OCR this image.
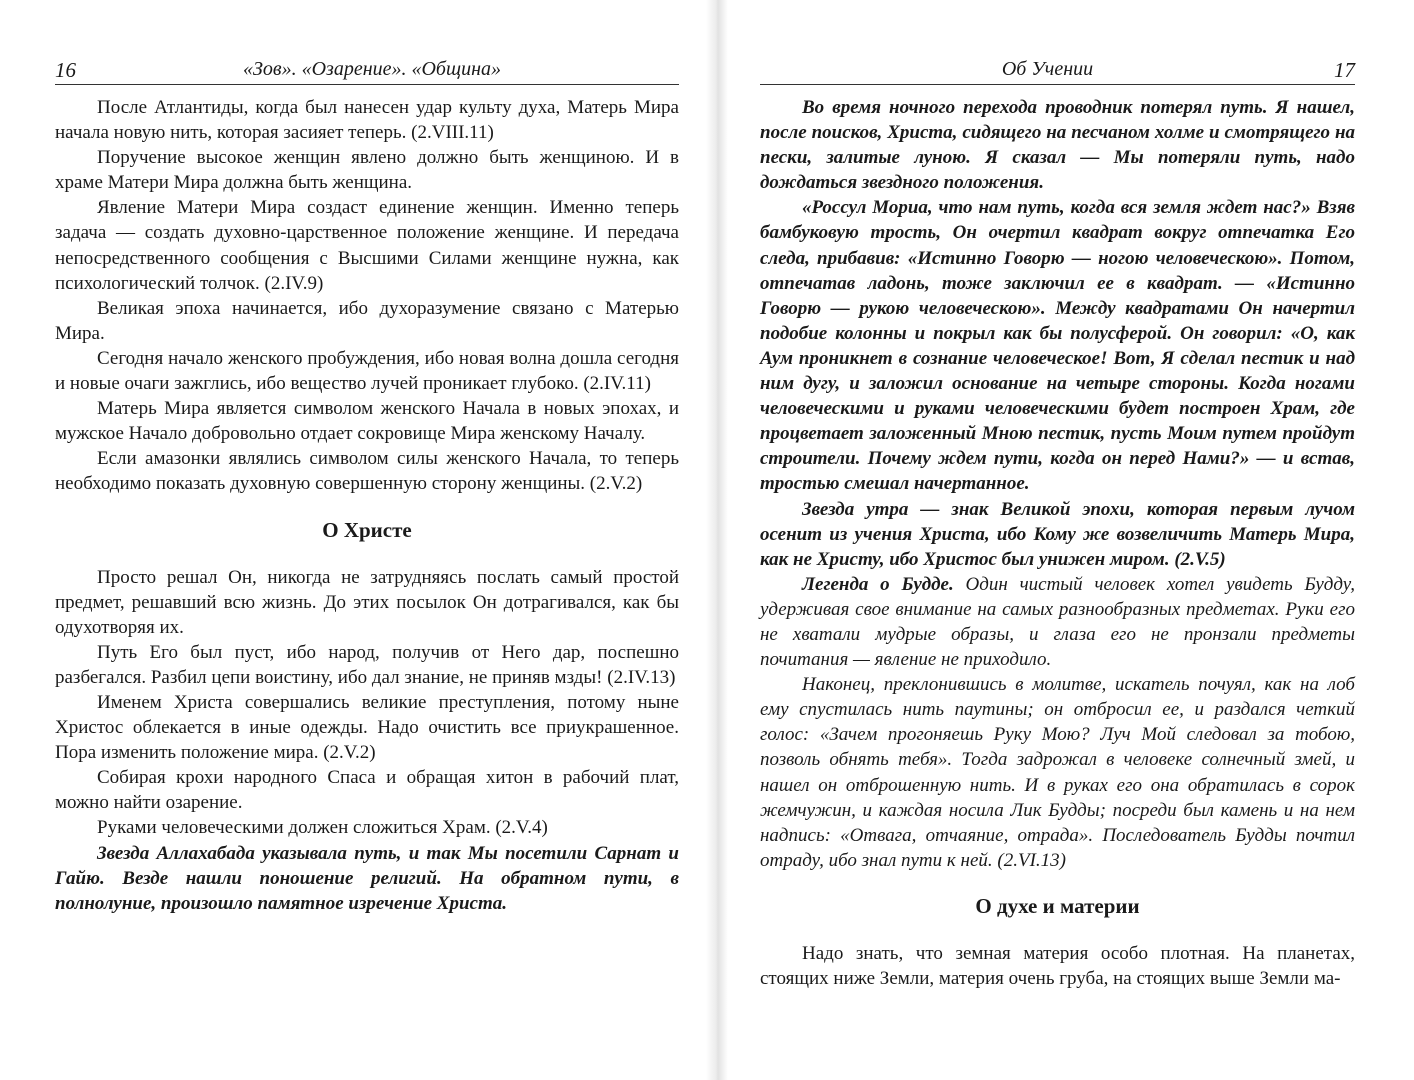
16	«Зов». «Озарение». «Община»

После Атлантиды, когда был нанесен удар культу духа, Матерь Мира начала новую нить, которая засияет теперь. (2.VIII.11)

Поручение высокое женщин явлено должно быть женщиною. И в храме Матери Мира должна быть женщина.

Явление Матери Мира создаст единение женщин. Именно теперь задача — создать духовно-царственное положение женщине. И передача непосредственного сообщения с Высшими Силами женщине нужна, как психологический толчок. (2.IV.9)

Великая эпоха начинается, ибо духоразумение связано с Матерью Мира.

Сегодня начало женского пробуждения, ибо новая волна дошла сегодня и новые очаги зажглись, ибо вещество лучей проникает глубоко. (2.IV.11)

Матерь Мира является символом женского Начала в новых эпохах, и мужское Начало добровольно отдает сокровище Мира женскому Началу.

Если амазонки являлись символом силы женского Начала, то теперь необходимо показать духовную совершенную сторону женщины. (2.V.2)

О Христе

Просто решал Он, никогда не затрудняясь послать самый простой предмет, решавший всю жизнь. До этих посылок Он дотрагивался, как бы одухотворяя их.

Путь Его был пуст, ибо народ, получив от Него дар, поспешно разбегался. Разбил цепи воистину, ибо дал знание, не приняв мзды! (2.IV.13)

Именем Христа совершались великие преступления, потому ныне Христос облекается в иные одежды. Надо очистить все приукрашенное. Пора изменить положение мира. (2.V.2)

Собирая крохи народного Спаса и обращая хитон в рабочий плат, можно найти озарение.

Руками человеческими должен сложиться Храм. (2.V.4)

Звезда Аллахабада указывала путь, и так Мы посетили Сарнат и Гайю. Везде нашли поношение религий. На обратном пути, в полнолуние, произошло памятное изречение Христа.

Об Учении	17

Во время ночного перехода проводник потерял путь. Я нашел, после поисков, Христа, сидящего на песчаном холме и смотрящего на пески, залитые луною. Я сказал — Мы потеряли путь, надо дождаться звездного положения.

«Россул Мориа, что нам путь, когда вся земля ждет нас?» Взяв бамбуковую трость, Он очертил квадрат вокруг отпечатка Его следа, прибавив: «Истинно Говорю — ногою человеческою». Потом, отпечатав ладонь, тоже заключил ее в квадрат. — «Истинно Говорю — рукою человеческою». Между квадратами Он начертил подобие колонны и покрыл как бы полусферой. Он говорил: «О, как Аум проникнет в сознание человеческое! Вот, Я сделал пестик и над ним дугу, и заложил основание на четыре стороны. Когда ногами человеческими и руками человеческими будет построен Храм, где процветает заложенный Мною пестик, пусть Моим путем пройдут строители. Почему ждем пути, когда он перед Нами?» — и встав, тростью смешал начертанное.

Звезда утра — знак Великой эпохи, которая первым лучом осенит из учения Христа, ибо Кому же возвеличить Матерь Мира, как не Христу, ибо Христос был унижен миром. (2.V.5)

Легенда о Будде. Один чистый человек хотел увидеть Будду, удерживая свое внимание на самых разнообразных предметах. Руки его не хватали мудрые образы, и глаза его не пронзали предметы почитания — явление не приходило.

Наконец, преклонившись в молитве, искатель почуял, как на лоб ему спустилась нить паутины; он отбросил ее, и раздался четкий голос: «Зачем прогоняешь Руку Мою? Луч Мой следовал за тобою, позволь обнять тебя». Тогда задрожал в человеке солнечный змей, и нашел он отброшенную нить. И в руках его она обратилась в сорок жемчужин, и каждая носила Лик Будды; посреди был камень и на нем надпись: «Отвага, отчаяние, отрада». Последователь Будды почтил отраду, ибо знал пути к ней. (2.VI.13)

О духе и материи

Надо знать, что земная материя особо плотная. На планетах, стоящих ниже Земли, материя очень груба, на стоящих выше Земли ма-
